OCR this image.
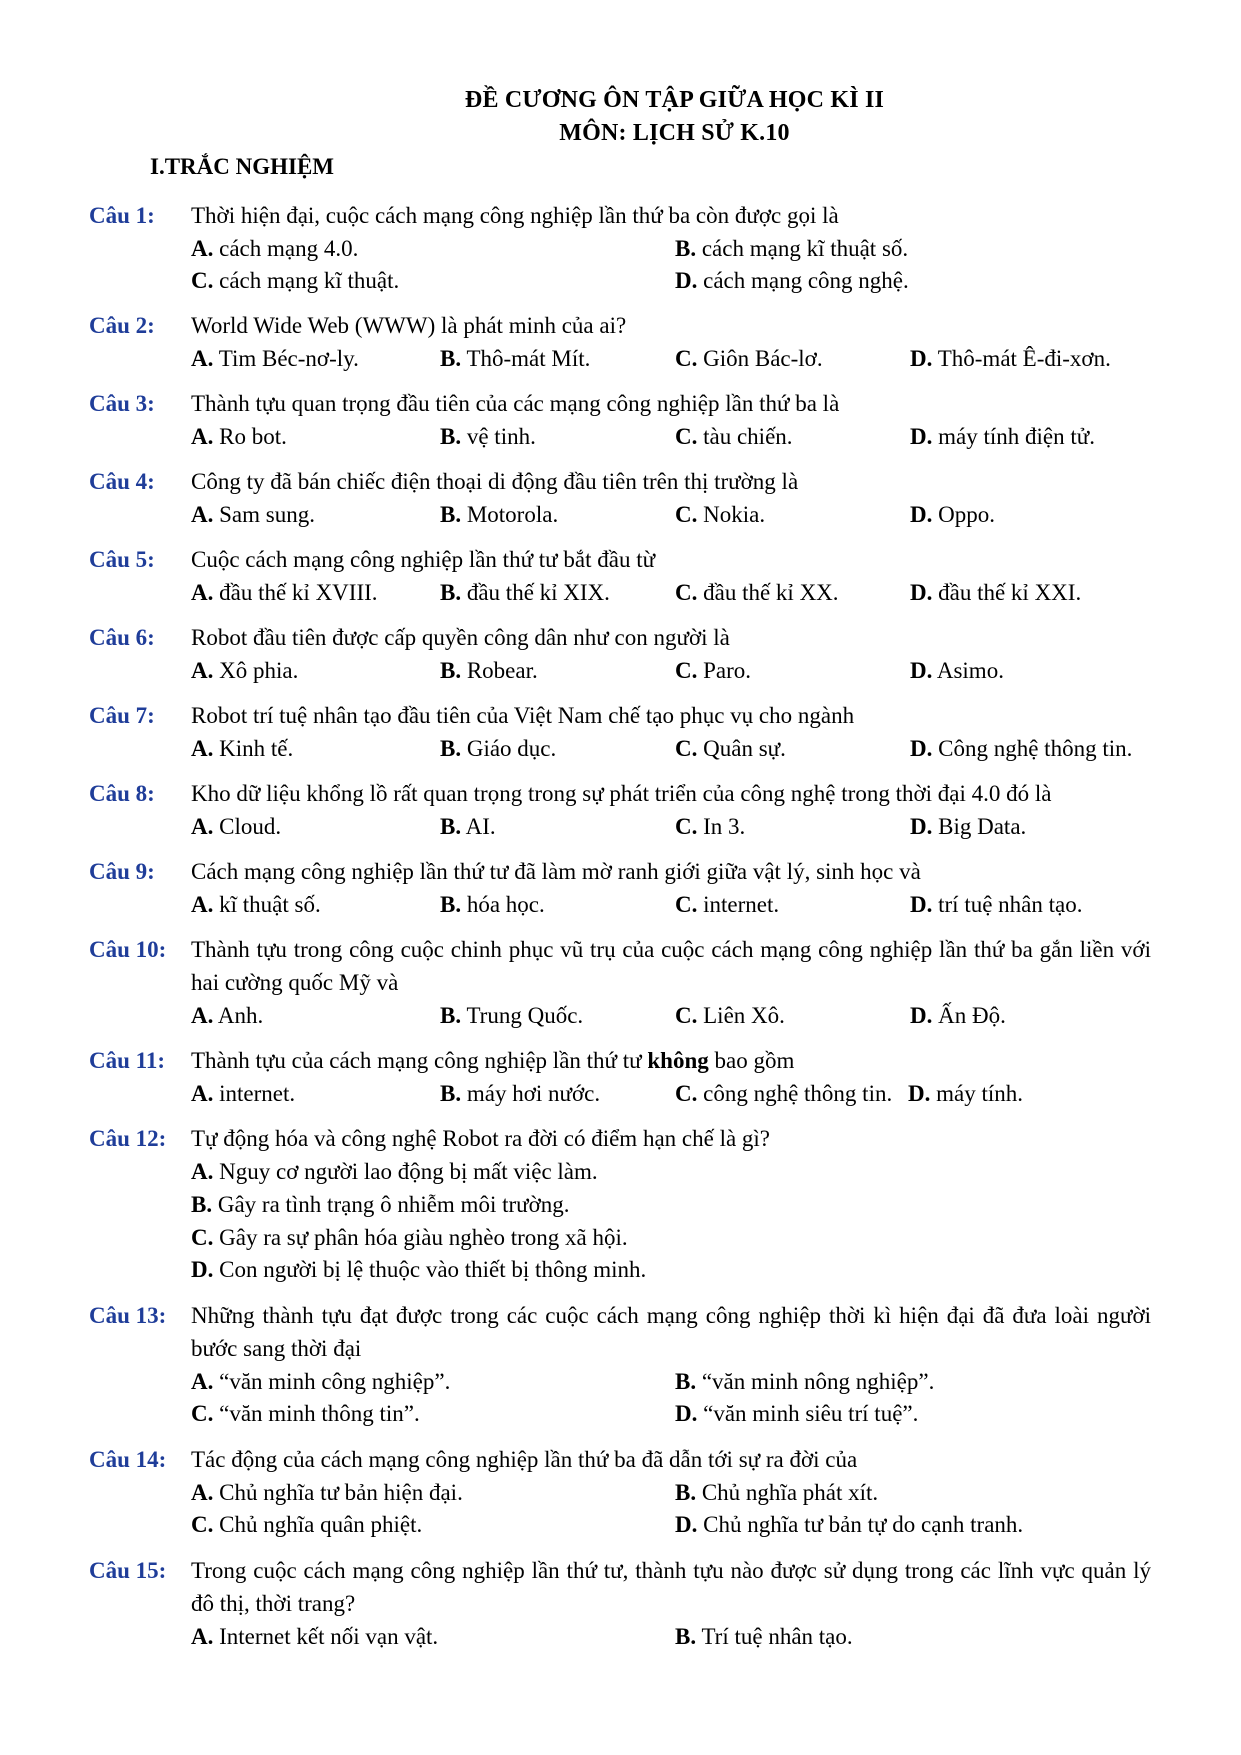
ĐỀ CƯƠNG ÔN TẬP GIỮA HỌC KÌ II
MÔN: LỊCH SỬ K.10
I.TRẮC NGHIỆM
Câu 1: Thời hiện đại, cuộc cách mạng công nghiệp lần thứ ba còn được gọi là
A. cách mạng 4.0.	B. cách mạng kĩ thuật số.
C. cách mạng kĩ thuật.	D. cách mạng công nghệ.
Câu 2: World Wide Web (WWW) là phát minh của ai?
A. Tim Béc-nơ-ly.	B. Thô-mát Mít.	C. Giôn Bác-lơ.	D. Thô-mát Ê-đi-xơn.
Câu 3: Thành tựu quan trọng đầu tiên của các mạng công nghiệp lần thứ ba là
A. Ro bot.	B. vệ tinh.	C. tàu chiến.	D. máy tính điện tử.
Câu 4: Công ty đã bán chiếc điện thoại di động đầu tiên trên thị trường là
A. Sam sung.	B. Motorola.	C. Nokia.	D. Oppo.
Câu 5: Cuộc cách mạng công nghiệp lần thứ tư bắt đầu từ
A. đầu thế kỉ XVIII.	B. đầu thế kỉ XIX.	C. đầu thế kỉ XX.	D. đầu thế kỉ XXI.
Câu 6: Robot đầu tiên được cấp quyền công dân như con người là
A. Xô phia.	B. Robear.	C. Paro.	D. Asimo.
Câu 7: Robot trí tuệ nhân tạo đầu tiên của Việt Nam chế tạo phục vụ cho ngành
A. Kinh tế.	B. Giáo dục.	C. Quân sự.	D. Công nghệ thông tin.
Câu 8: Kho dữ liệu khổng lồ rất quan trọng trong sự phát triển của công nghệ trong thời đại 4.0 đó là
A. Cloud.	B. AI.	C. In 3.	D. Big Data.
Câu 9: Cách mạng công nghiệp lần thứ tư đã làm mờ ranh giới giữa vật lý, sinh học và
A. kĩ thuật số.	B. hóa học.	C. internet.	D. trí tuệ nhân tạo.
Câu 10: Thành tựu trong công cuộc chinh phục vũ trụ của cuộc cách mạng công nghiệp lần thứ ba gắn liền với hai cường quốc Mỹ và
A. Anh.	B. Trung Quốc.	C. Liên Xô.	D. Ấn Độ.
Câu 11: Thành tựu của cách mạng công nghiệp lần thứ tư không bao gồm
A. internet.	B. máy hơi nước.	C. công nghệ thông tin. D. máy tính.
Câu 12: Tự động hóa và công nghệ Robot ra đời có điểm hạn chế là gì?
A. Nguy cơ người lao động bị mất việc làm.
B. Gây ra tình trạng ô nhiễm môi trường.
C. Gây ra sự phân hóa giàu nghèo trong xã hội.
D. Con người bị lệ thuộc vào thiết bị thông minh.
Câu 13: Những thành tựu đạt được trong các cuộc cách mạng công nghiệp thời kì hiện đại đã đưa loài người bước sang thời đại
A. “văn minh công nghiệp”.	B. “văn minh nông nghiệp”.
C. “văn minh thông tin”.	D. “văn minh siêu trí tuệ”.
Câu 14: Tác động của cách mạng công nghiệp lần thứ ba đã dẫn tới sự ra đời của
A. Chủ nghĩa tư bản hiện đại.	B. Chủ nghĩa phát xít.
C. Chủ nghĩa quân phiệt.	D. Chủ nghĩa tư bản tự do cạnh tranh.
Câu 15: Trong cuộc cách mạng công nghiệp lần thứ tư, thành tựu nào được sử dụng trong các lĩnh vực quản lý đô thị, thời trang?
A. Internet kết nối vạn vật.	B. Trí tuệ nhân tạo.
